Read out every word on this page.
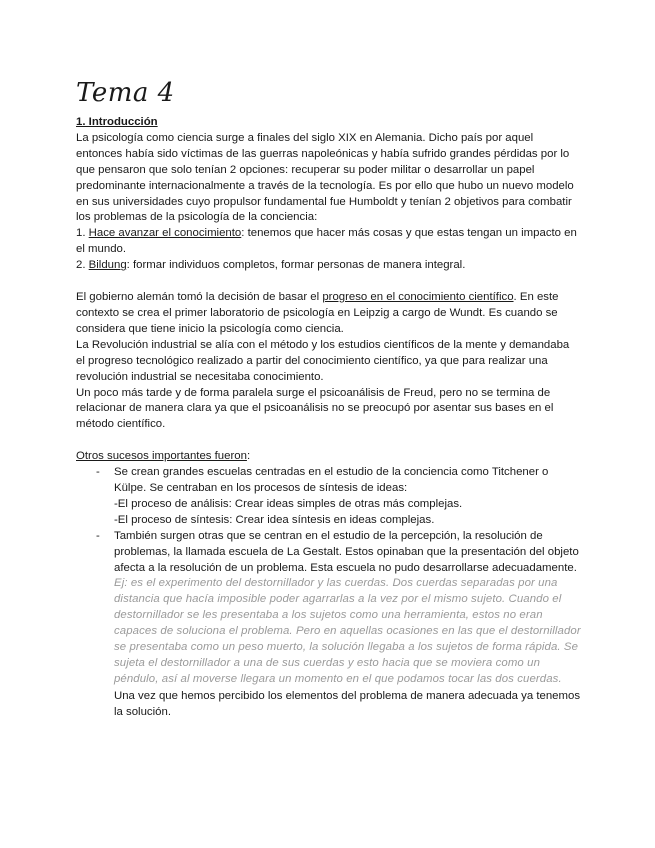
Tema 4

1. Introducción

La psicología como ciencia surge a finales del siglo XIX en Alemania. Dicho país por aquel entonces había sido víctimas de las guerras napoleónicas y había sufrido grandes pérdidas por lo que pensaron que solo tenían 2 opciones: recuperar su poder militar o desarrollar un papel predominante internacionalmente a través de la tecnología. Es por ello que hubo un nuevo modelo en sus universidades cuyo propulsor fundamental fue Humboldt y tenían 2 objetivos para combatir los problemas de la psicología de la conciencia:

1. Hace avanzar el conocimiento: tenemos que hacer más cosas y que estas tengan un impacto en el mundo.

2. Bildung: formar individuos completos, formar personas de manera integral.

El gobierno alemán tomó la decisión de basar el progreso en el conocimiento científico. En este contexto se crea el primer laboratorio de psicología en Leipzig a cargo de Wundt. Es cuando se considera que tiene inicio la psicología como ciencia.

La Revolución industrial se alía con el método y los estudios científicos de la mente y demandaba el progreso tecnológico realizado a partir del conocimiento científico, ya que para realizar una revolución industrial se necesitaba conocimiento.

Un poco más tarde y de forma paralela surge el psicoanálisis de Freud, pero no se termina de relacionar de manera clara ya que el psicoanálisis no se preocupó por asentar sus bases en el método científico.

Otros sucesos importantes fueron:

- Se crean grandes escuelas centradas en el estudio de la conciencia como Titchener o Külpe. Se centraban en los procesos de síntesis de ideas:

-El proceso de análisis: Crear ideas simples de otras más complejas.

-El proceso de síntesis: Crear idea síntesis en ideas complejas.

- También surgen otras que se centran en el estudio de la percepción, la resolución de problemas, la llamada escuela de La Gestalt. Estos opinaban que la presentación del objeto afecta a la resolución de un problema. Esta escuela no pudo desarrollarse adecuadamente.

Ej: es el experimento del destornillador y las cuerdas. Dos cuerdas separadas por una distancia que hacía imposible poder agarrarlas a la vez por el mismo sujeto. Cuando el destornillador se les presentaba a los sujetos como una herramienta, estos no eran capaces de soluciona el problema. Pero en aquellas ocasiones en las que el destornillador se presentaba como un peso muerto, la solución llegaba a los sujetos de forma rápida. Se sujeta el destornillador a una de sus cuerdas y esto hacia que se moviera como un péndulo, así al moverse llegara un momento en el que podamos tocar las dos cuerdas.

Una vez que hemos percibido los elementos del problema de manera adecuada ya tenemos la solución.
